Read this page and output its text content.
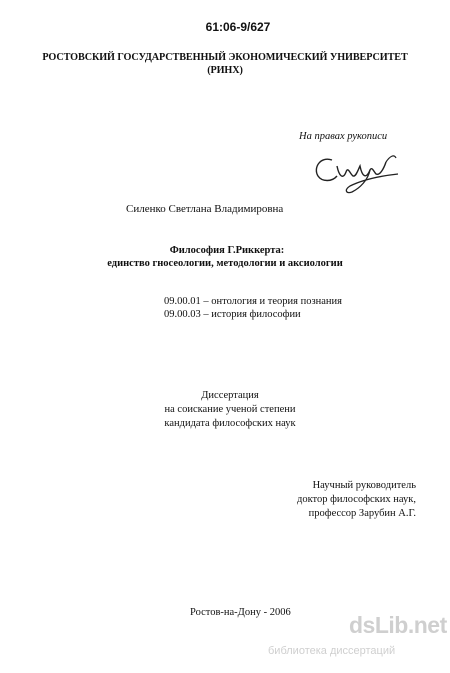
61:06-9/627
РОСТОВСКИЙ ГОСУДАРСТВЕННЫЙ ЭКОНОМИЧЕСКИЙ УНИВЕРСИТЕТ
(РИНХ)
На правах рукописи
Силенко Светлана Владимировна
Философия Г.Риккерта:
единство гносеологии, методологии и аксиологии
09.00.01 – онтология и теория познания
09.00.03 – история философии
Диссертация
на соискание ученой степени
кандидата философских наук
Научный руководитель
доктор философских наук,
профессор Зарубин А.Г.
Ростов-на-Дону - 2006	dsLib.net
библиотека диссертаций
